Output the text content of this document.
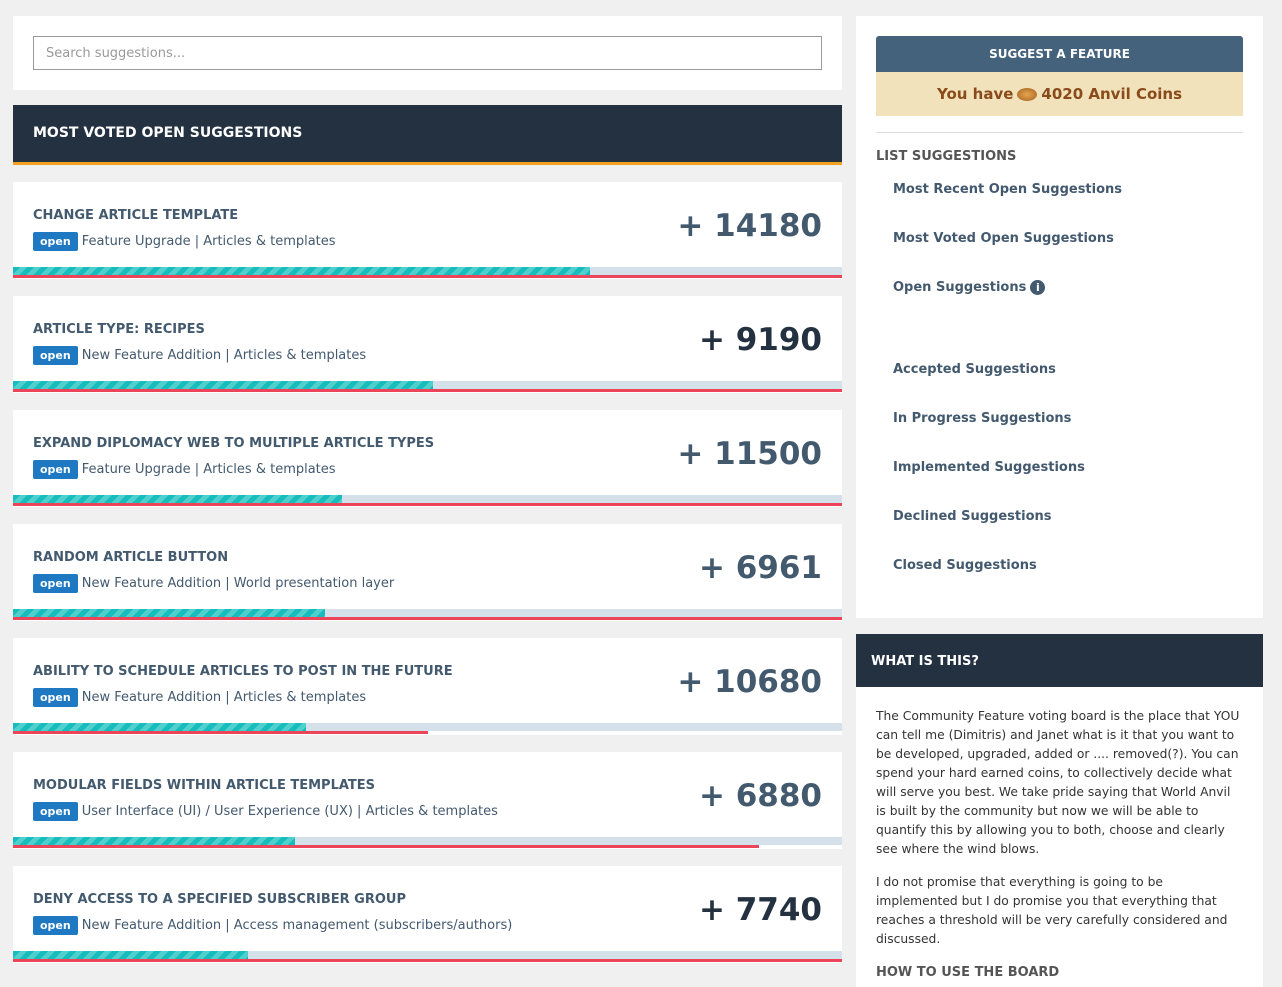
Search suggestions...
MOST VOTED OPEN SUGGESTIONS
CHANGE ARTICLE TEMPLATE
open Feature Upgrade | Articles & templates	+ 14180
ARTICLE TYPE: RECIPES
open New Feature Addition | Articles & templates	+ 9190
EXPAND DIPLOMACY WEB TO MULTIPLE ARTICLE TYPES
open Feature Upgrade | Articles & templates	+ 11500
RANDOM ARTICLE BUTTON
open New Feature Addition | World presentation layer	+ 6961
ABILITY TO SCHEDULE ARTICLES TO POST IN THE FUTURE
open New Feature Addition | Articles & templates	+ 10680
MODULAR FIELDS WITHIN ARTICLE TEMPLATES
open User Interface (UI) / User Experience (UX) | Articles & templates	+ 6880
DENY ACCESS TO A SPECIFIED SUBSCRIBER GROUP
open New Feature Addition | Access management (subscribers/authors)	+ 7740
SUGGEST A FEATURE
You have 4020 Anvil Coins
LIST SUGGESTIONS
Most Recent Open Suggestions
Most Voted Open Suggestions
Open Suggestions i
Accepted Suggestions
In Progress Suggestions
Implemented Suggestions
Declined Suggestions
Closed Suggestions
WHAT IS THIS?

The Community Feature voting board is the place that YOU can tell me (Dimitris) and Janet what is it that you want to be developed, upgraded, added or .... removed(?). You can spend your hard earned coins, to collectively decide what will serve you best. We take pride saying that World Anvil is built by the community but now we will be able to quantify this by allowing you to both, choose and clearly see where the wind blows.

I do not promise that everything is going to be implemented but I do promise you that everything that reaches a threshold will be very carefully considered and discussed.

HOW TO USE THE BOARD
